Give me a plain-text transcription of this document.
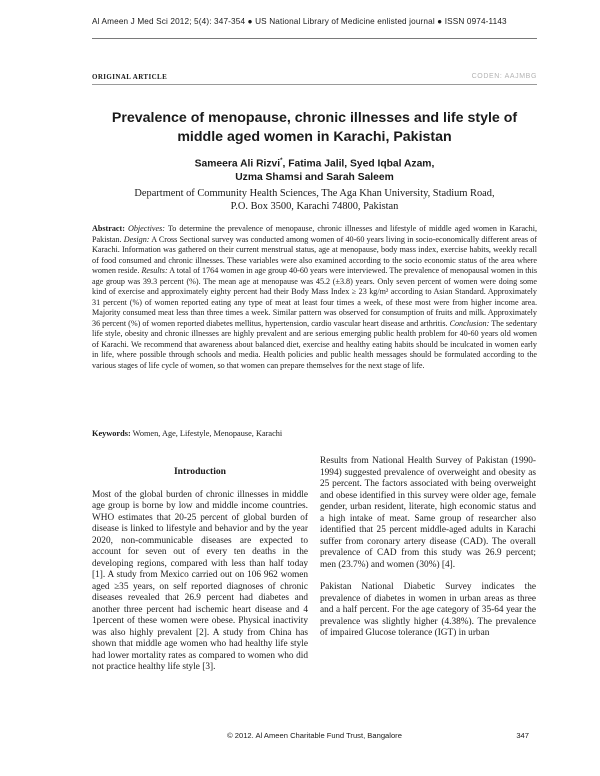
Al Ameen J Med Sci 2012; 5(4): 347-354 ● US National Library of Medicine enlisted journal ● ISSN 0974-1143
ORIGINAL ARTICLE	CODEN: AAJMBG
Prevalence of menopause, chronic illnesses and life style of middle aged women in Karachi, Pakistan
Sameera Ali Rizvi*, Fatima Jalil, Syed Iqbal Azam,
Uzma Shamsi and Sarah Saleem
Department of Community Health Sciences, The Aga Khan University, Stadium Road,
P.O. Box 3500, Karachi 74800, Pakistan
Abstract: Objectives: To determine the prevalence of menopause, chronic illnesses and lifestyle of middle aged women in Karachi, Pakistan. Design: A Cross Sectional survey was conducted among women of 40-60 years living in socio-economically different areas of Karachi. Information was gathered on their current menstrual status, age at menopause, body mass index, exercise habits, weekly recall of food consumed and chronic illnesses. These variables were also examined according to the socio economic status of the area where women reside. Results: A total of 1764 women in age group 40-60 years were interviewed. The prevalence of menopausal women in this age group was 39.3 percent (%). The mean age at menopause was 45.2 (±3.8) years. Only seven percent of women were doing some kind of exercise and approximately eighty percent had their Body Mass Index ≥ 23 kg/m² according to Asian Standard. Approximately 31 percent (%) of women reported eating any type of meat at least four times a week, of these most were from higher income area. Majority consumed meat less than three times a week. Similar pattern was observed for consumption of fruits and milk. Approximately 36 percent (%) of women reported diabetes mellitus, hypertension, cardio vascular heart disease and arthritis. Conclusion: The sedentary life style, obesity and chronic illnesses are highly prevalent and are serious emerging public health problem for 40-60 years old women of Karachi. We recommend that awareness about balanced diet, exercise and healthy eating habits should be inculcated in women early in life, where possible through schools and media. Health policies and public health messages should be formulated according to the various stages of life cycle of women, so that women can prepare themselves for the next stage of life.
Keywords: Women, Age, Lifestyle, Menopause, Karachi
Introduction

Most of the global burden of chronic illnesses in middle age group is borne by low and middle income countries. WHO estimates that 20-25 percent of global burden of disease is linked to lifestyle and behavior and by the year 2020, non-communicable diseases are expected to account for seven out of every ten deaths in the developing regions, compared with less than half today [1]. A study from Mexico carried out on 106 962 women aged ≥35 years, on self reported diagnoses of chronic diseases revealed that 26.9 percent had diabetes and another three percent had ischemic heart disease and 4 1percent of these women were obese. Physical inactivity was also highly prevalent [2]. A study from China has shown that middle age women who had healthy life style had lower mortality rates as compared to women who did not practice healthy life style [3].

Results from National Health Survey of Pakistan (1990-1994) suggested prevalence of overweight and obesity as 25 percent. The factors associated with being overweight and obese identified in this survey were older age, female gender, urban resident, literate, high economic status and a high intake of meat. Same group of researcher also identified that 25 percent middle-aged adults in Karachi suffer from coronary artery disease (CAD). The overall prevalence of CAD from this study was 26.9 percent; men (23.7%) and women (30%) [4].

Pakistan National Diabetic Survey indicates the prevalence of diabetes in women in urban areas as three and a half percent. For the age category of 35-64 year the prevalence was slightly higher (4.38%). The prevalence of impaired Glucose tolerance (IGT) in urban

© 2012. Al Ameen Charitable Fund Trust, Bangalore	347
